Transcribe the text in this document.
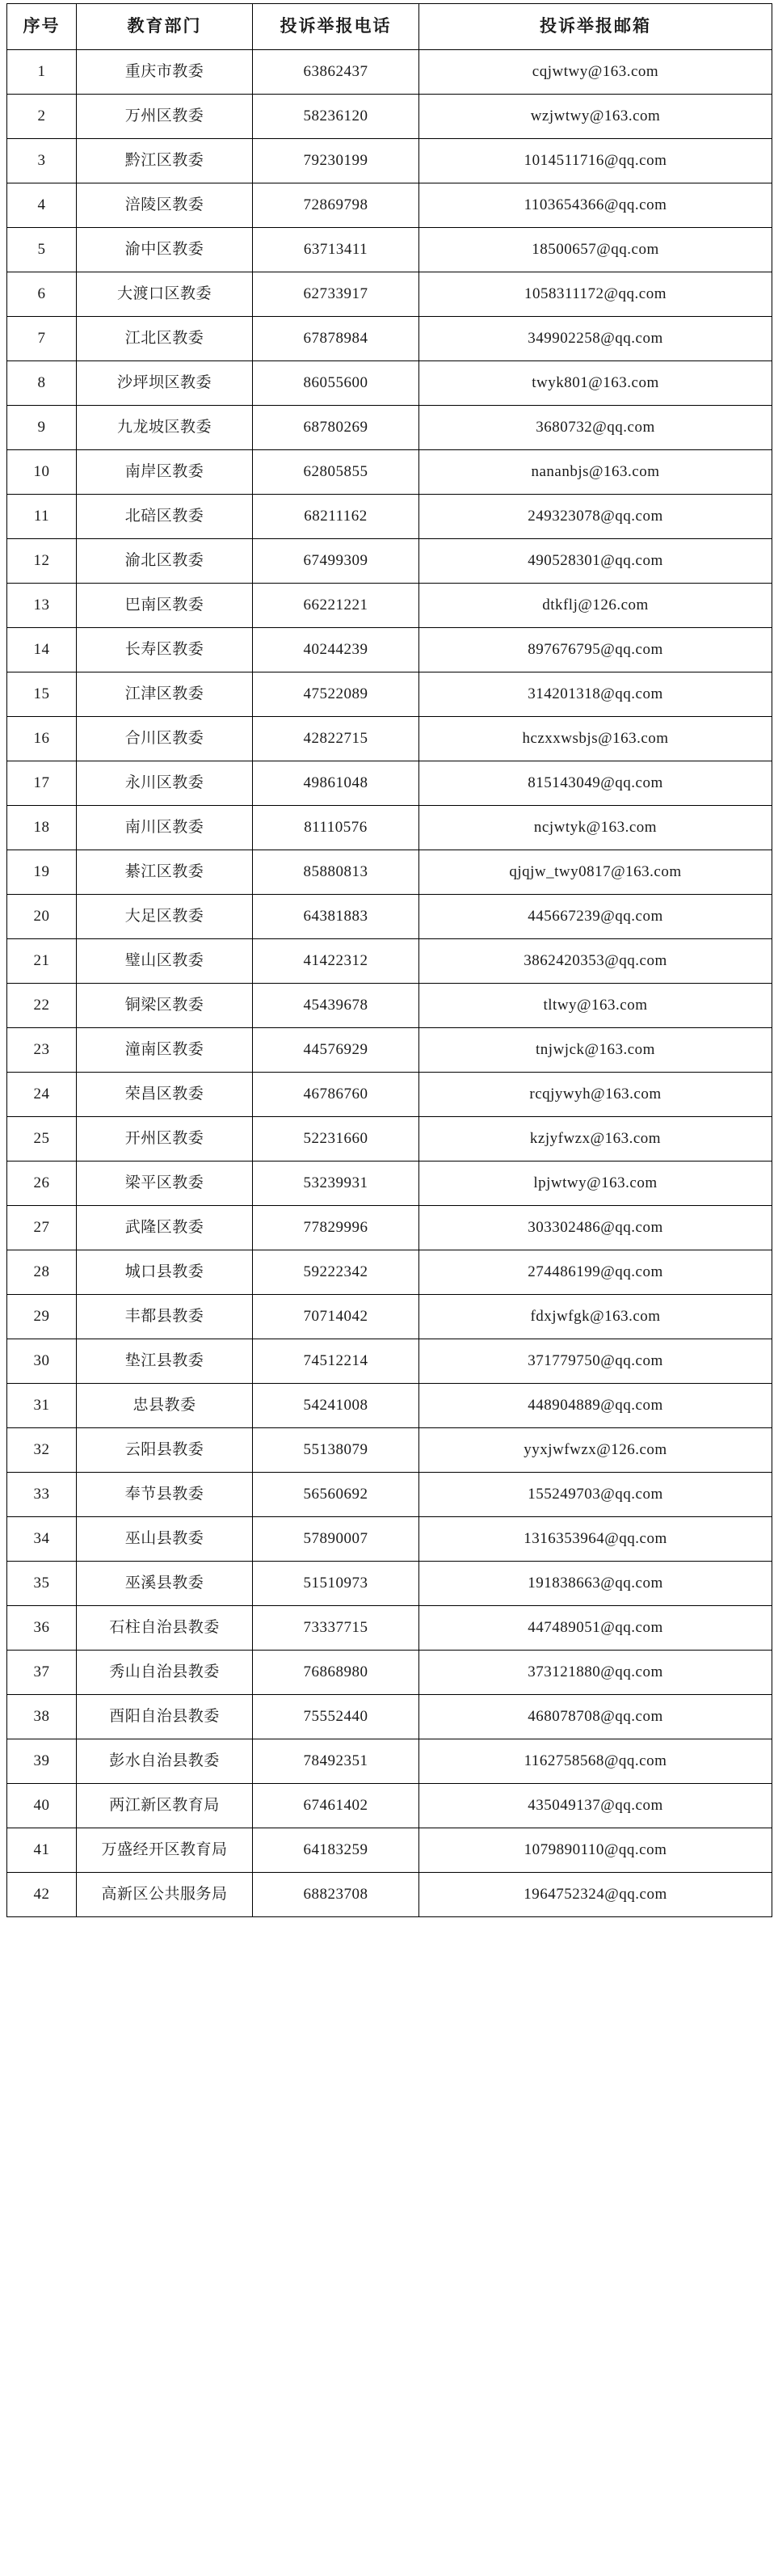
序号	教育部门	投诉举报电话	投诉举报邮箱
1	重庆市教委	63862437	cqjwtwy@163.com
2	万州区教委	58236120	wzjwtwy@163.com
3	黔江区教委	79230199	1014511716@qq.com
4	涪陵区教委	72869798	1103654366@qq.com
5	渝中区教委	63713411	18500657@qq.com
6	大渡口区教委	62733917	1058311172@qq.com
7	江北区教委	67878984	349902258@qq.com
8	沙坪坝区教委	86055600	twyk801@163.com
9	九龙坡区教委	68780269	3680732@qq.com
10	南岸区教委	62805855	nananbjs@163.com
11	北碚区教委	68211162	249323078@qq.com
12	渝北区教委	67499309	490528301@qq.com
13	巴南区教委	66221221	dtkflj@126.com
14	长寿区教委	40244239	897676795@qq.com
15	江津区教委	47522089	314201318@qq.com
16	合川区教委	42822715	hczxxwsbjs@163.com
17	永川区教委	49861048	815143049@qq.com
18	南川区教委	81110576	ncjwtyk@163.com
19	綦江区教委	85880813	qjqjw_twy0817@163.com
20	大足区教委	64381883	445667239@qq.com
21	璧山区教委	41422312	3862420353@qq.com
22	铜梁区教委	45439678	tltwy@163.com
23	潼南区教委	44576929	tnjwjck@163.com
24	荣昌区教委	46786760	rcqjywyh@163.com
25	开州区教委	52231660	kzjyfwzx@163.com
26	梁平区教委	53239931	lpjwtwy@163.com
27	武隆区教委	77829996	303302486@qq.com
28	城口县教委	59222342	274486199@qq.com
29	丰都县教委	70714042	fdxjwfgk@163.com
30	垫江县教委	74512214	371779750@qq.com
31	忠县教委	54241008	448904889@qq.com
32	云阳县教委	55138079	yyxjwfwzx@126.com
33	奉节县教委	56560692	155249703@qq.com
34	巫山县教委	57890007	1316353964@qq.com
35	巫溪县教委	51510973	191838663@qq.com
36	石柱自治县教委	73337715	447489051@qq.com
37	秀山自治县教委	76868980	373121880@qq.com
38	酉阳自治县教委	75552440	468078708@qq.com
39	彭水自治县教委	78492351	1162758568@qq.com
40	两江新区教育局	67461402	435049137@qq.com
41	万盛经开区教育局	64183259	1079890110@qq.com
42	高新区公共服务局	68823708	1964752324@qq.com
